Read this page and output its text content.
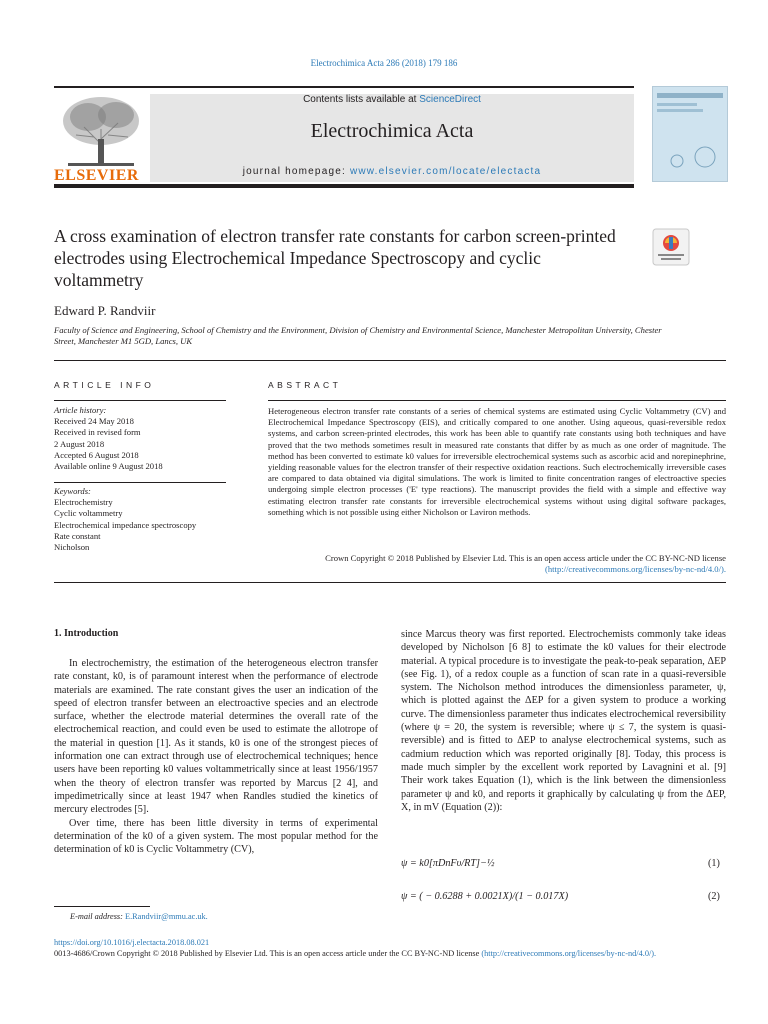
Electrochimica Acta 286 (2018) 179 186
ELSEVIER
Contents lists available at ScienceDirect
Electrochimica Acta
journal homepage: www.elsevier.com/locate/electacta
A cross examination of electron transfer rate constants for carbon screen-printed electrodes using Electrochemical Impedance Spectroscopy and cyclic voltammetry
Edward P. Randviir
Faculty of Science and Engineering, School of Chemistry and the Environment, Division of Chemistry and Environmental Science, Manchester Metropolitan University, Chester Street, Manchester M1 5GD, Lancs, UK
ARTICLE INFO	ABSTRACT
Article history:
Received 24 May 2018
Received in revised form
2 August 2018
Accepted 6 August 2018
Available online 9 August 2018
Keywords:
Electrochemistry
Cyclic voltammetry
Electrochemical impedance spectroscopy
Rate constant
Nicholson
Heterogeneous electron transfer rate constants of a series of chemical systems are estimated using Cyclic Voltammetry (CV) and Electrochemical Impedance Spectroscopy (EIS), and critically compared to one another. Using aqueous, quasi-reversible redox systems, and carbon screen-printed electrodes, this work has been able to quantify rate constants using both techniques and have proved that the two methods sometimes result in measured rate constants that differ by as much as one order of magnitude. The method has been converted to estimate k0 values for irreversible electrochemical systems such as ascorbic acid and norepinephrine, yielding reasonable values for the electron transfer of their respective oxidation reactions. Such electrochemically irreversible cases are compared to data obtained via digital simulations. The work is limited to finite concentration ranges of electroactive species undergoing simple electron processes ('E' type reactions). The manuscript provides the field with a simple and effective way estimating electron transfer rate constants for irreversible electrochemical systems without using digital software packages, something which is not possible using either Nicholson or Laviron methods.
Crown Copyright © 2018 Published by Elsevier Ltd. This is an open access article under the CC BY-NC-ND license (http://creativecommons.org/licenses/by-nc-nd/4.0/).
1. Introduction

In electrochemistry, the estimation of the heterogeneous electron transfer rate constant, k0, is of paramount interest when the performance of electrode materials are examined. The rate constant gives the user an indication of the speed of electron transfer between an electroactive species and an electrode surface, whether the electrode material determines the overall rate of the electrochemical reaction, and could even be used to estimate the allotrope of the material in question [1]. As it stands, k0 is one of the strongest pieces of information one can extract through use of electrochemical techniques; hence users have been reporting k0 values voltammetrically since at least 1956/1957 when the theory of electron transfer was reported by Marcus [2 4], and impedimetrically since at least 1947 when Randles studied the kinetics of mercury electrodes [5].

Over time, there has been little diversity in terms of experimental determination of the k0 of a given system. The most popular method for the determination of k0 is Cyclic Voltammetry (CV),

since Marcus theory was first reported. Electrochemists commonly take ideas developed by Nicholson [6 8] to estimate the k0 values for their electrode material. A typical procedure is to investigate the peak-to-peak separation, ΔEP (see Fig. 1), of a redox couple as a function of scan rate in a quasi-reversible system. The Nicholson method introduces the dimensionless parameter, ψ, which is plotted against the ΔEP for a given system to produce a working curve. The dimensionless parameter thus indicates electrochemical reversibility (where ψ = 20, the system is reversible; where ψ ≤ 7, the system is quasi-reversible) and is fitted to ΔEP to analyse electrochemical systems, such as cadmium reduction which was reported originally [8]. Today, this process is made much simpler by the excellent work reported by Lavagnini et al. [9] Their work takes Equation (1), which is the link between the dimensionless parameter ψ and k0, and reports it graphically by calculating ψ from the ΔEP, X, in mV (Equation (2)):

ψ = k0[πDnFυ/RT]−½	(1)
ψ = ( − 0.6288 + 0.0021X)/(1 − 0.017X)	(2)
E-mail address: E.Randviir@mmu.ac.uk.
https://doi.org/10.1016/j.electacta.2018.08.021
0013-4686/Crown Copyright © 2018 Published by Elsevier Ltd. This is an open access article under the CC BY-NC-ND license (http://creativecommons.org/licenses/by-nc-nd/4.0/).
